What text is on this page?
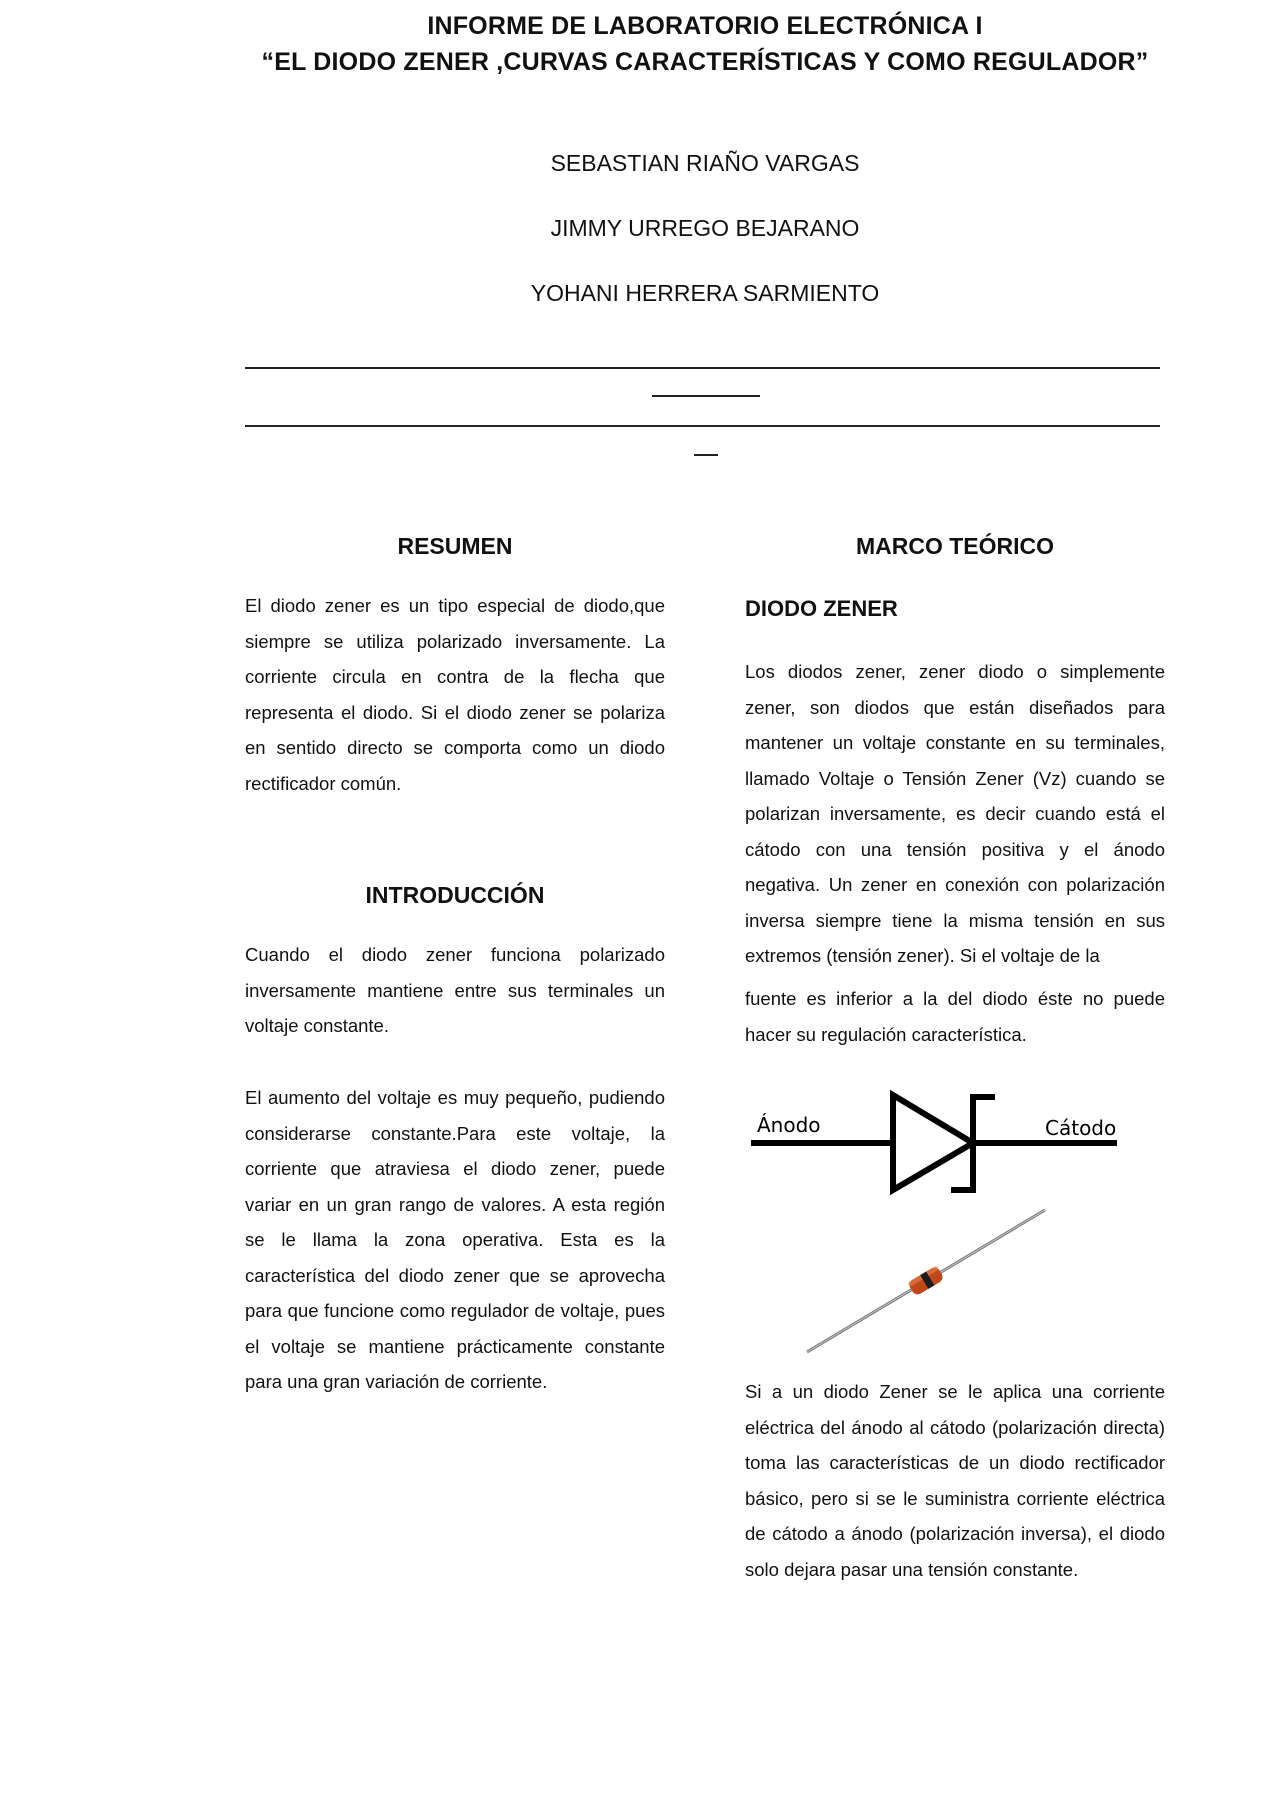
INFORME DE LABORATORIO ELECTRÓNICA I
“EL DIODO ZENER ,CURVAS CARACTERÍSTICAS Y COMO REGULADOR”
SEBASTIAN RIAÑO VARGAS
JIMMY URREGO BEJARANO
YOHANI HERRERA SARMIENTO
RESUMEN

El diodo zener es un tipo especial de diodo,que siempre se utiliza polarizado inversamente. La corriente circula en contra de la flecha que representa el diodo. Si el diodo zener se polariza en sentido directo se comporta como un diodo rectificador común.

INTRODUCCIÓN

Cuando el diodo zener funciona polarizado inversamente mantiene entre sus terminales un voltaje constante.

El aumento del voltaje es muy pequeño, pudiendo considerarse constante.Para este voltaje, la corriente que atraviesa el diodo zener, puede variar en un gran rango de valores. A esta región se le llama la zona operativa. Esta es la característica del diodo zener que se aprovecha para que funcione como regulador de voltaje, pues el voltaje se mantiene prácticamente constante para una gran variación de corriente.

MARCO TEÓRICO
DIODO ZENER

Los diodos zener, zener diodo o simplemente zener, son diodos que están diseñados para mantener un voltaje constante en su terminales, llamado Voltaje o Tensión Zener (Vz) cuando se polarizan inversamente, es decir cuando está el cátodo con una tensión positiva y el ánodo negativa. Un zener en conexión con polarización inversa siempre tiene la misma tensión en sus extremos (tensión zener). Si el voltaje de la

fuente es inferior a la del diodo éste no puede hacer su regulación característica.

Ánodo	Cátodo

Si a un diodo Zener se le aplica una corriente eléctrica del ánodo al cátodo (polarización directa) toma las características de un diodo rectificador básico, pero si se le suministra corriente eléctrica de cátodo a ánodo (polarización inversa), el diodo solo dejara pasar una tensión constante.
